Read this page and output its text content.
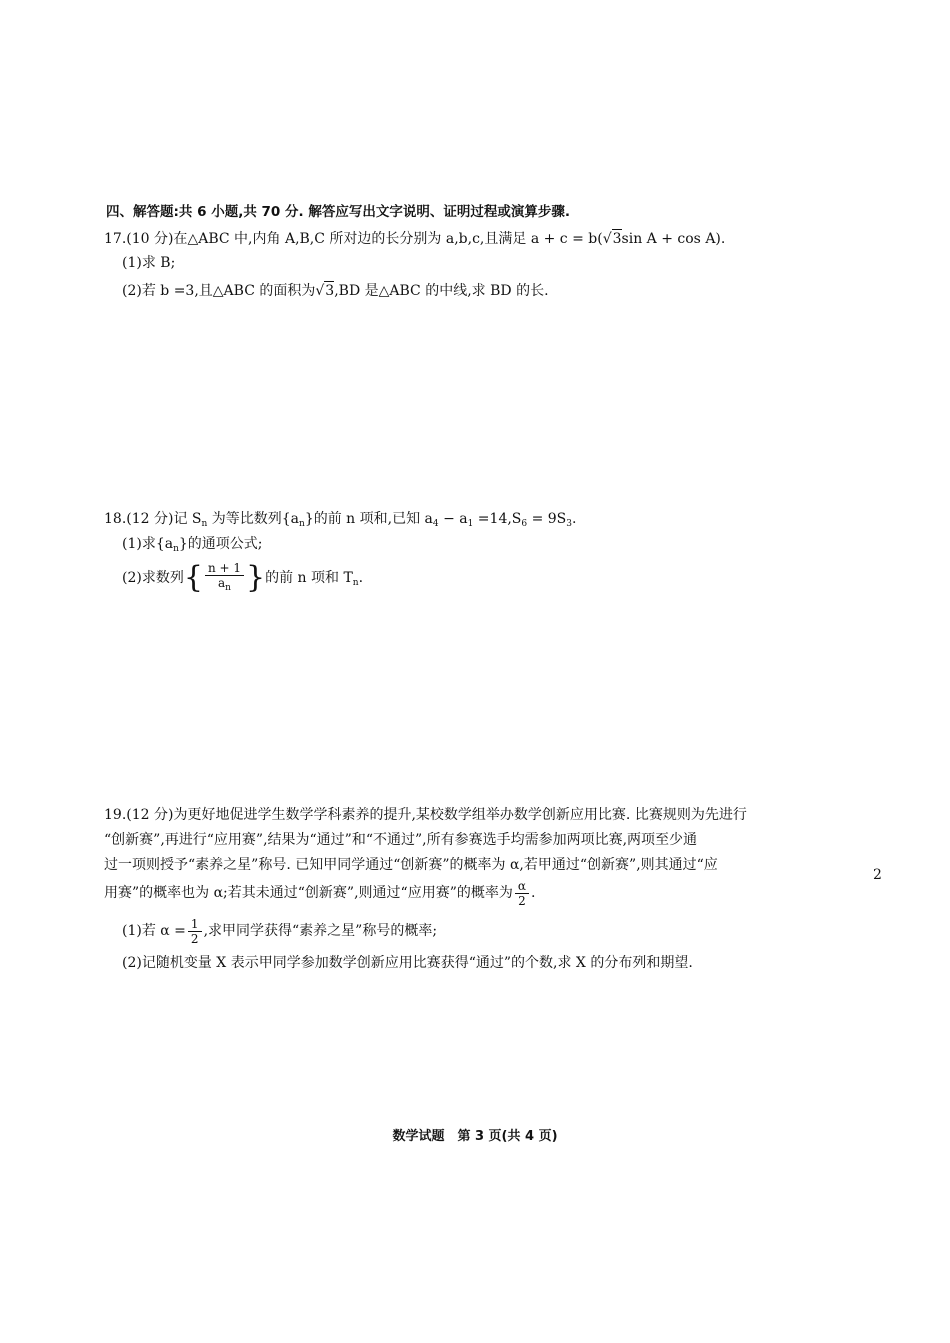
四、解答题:共 6 小题,共 70 分. 解答应写出文字说明、证明过程或演算步骤.
17.(10 分)在△ABC 中,内角 A,B,C 所对边的长分别为 a,b,c,且满足 a + c = b(√3sin A + cos A).
(1)求 B;
(2)若 b =3,且△ABC 的面积为√3,BD 是△ABC 的中线,求 BD 的长.
18.(12 分)记 $S_n$ 为等比数列$\{a_n\}$的前 n 项和,已知 $a_4 - a_1 =14,S_6 = 9S_3$.
(1)求$\{a_n\}$的通项公式;
(2)求数列{ $\frac{n + 1}{a_n}$ }的前 n 项和 $T_n$.
19.(12 分)为更好地促进学生数学学科素养的提升,某校数学组举办数学创新应用比赛. 比赛规则为先进行
“创新赛”,再进行“应用赛”,结果为“通过”和“不通过”,所有参赛选手均需参加两项比赛,两项至少通
过一项则授予“素养之星”称号. 已知甲同学通过“创新赛”的概率为 α,若甲通过“创新赛”,则其通过“应
用赛”的概率也为 α;若其未通过“创新赛”,则通过“应用赛”的概率为 $\frac{\alpha}{2}$ .
(1)若 $\alpha = \frac{1}{2}$ ,求甲同学获得“素养之星”称号的概率;
(2)记随机变量 X 表示甲同学参加数学创新应用比赛获得“通过”的个数,求 X 的分布列和期望.
2
数学试题　第 3 页(共 4 页)
